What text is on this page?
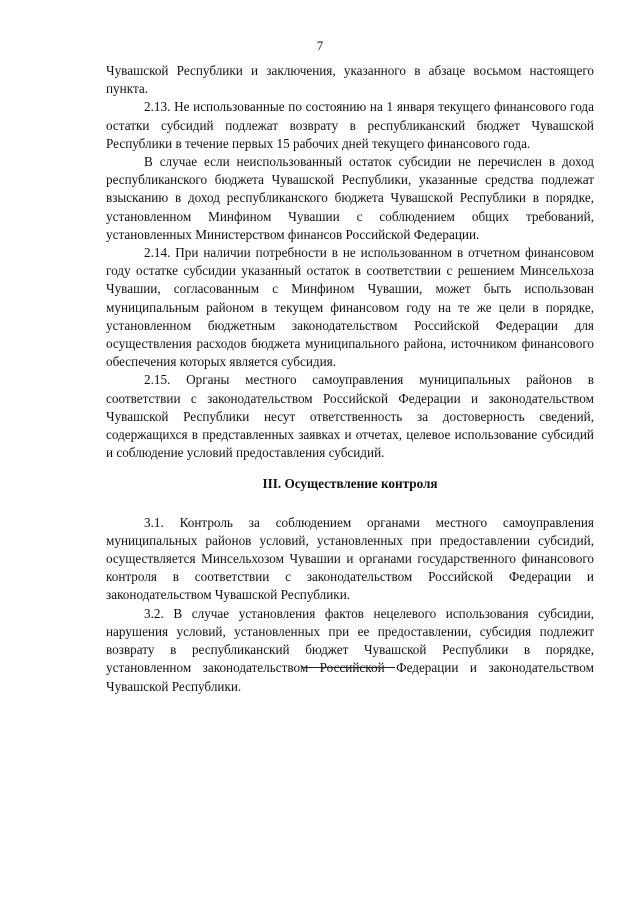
7

Чувашской Республики и заключения, указанного в абзаце восьмом настоящего пункта.

2.13. Не использованные по состоянию на 1 января текущего финансового года остатки субсидий подлежат возврату в республиканский бюджет Чувашской Республики в течение первых 15 рабочих дней текущего финансового года.

В случае если неиспользованный остаток субсидии не перечислен в доход республиканского бюджета Чувашской Республики, указанные средства подлежат взысканию в доход республиканского бюджета Чувашской Республики в порядке, установленном Минфином Чувашии с соблюдением общих требований, установленных Министерством финансов Российской Федерации.

2.14. При наличии потребности в не использованном в отчетном финансовом году остатке субсидии указанный остаток в соответствии с решением Минсельхоза Чувашии, согласованным с Минфином Чувашии, может быть использован муниципальным районом в текущем финансовом году на те же цели в порядке, установленном бюджетным законодательством Российской Федерации для осуществления расходов бюджета муниципального района, источником финансового обеспечения которых является субсидия.

2.15. Органы местного самоуправления муниципальных районов в соответствии с законодательством Российской Федерации и законодательством Чувашской Республики несут ответственность за достоверность сведений, содержащихся в представленных заявках и отчетах, целевое использование субсидий и соблюдение условий предоставления субсидий.

III. Осуществление контроля

3.1. Контроль за соблюдением органами местного самоуправления муниципальных районов условий, установленных при предоставлении субсидий, осуществляется Минсельхозом Чувашии и органами государственного финансового контроля в соответствии с законодательством Российской Федерации и законодательством Чувашской Республики.

3.2. В случае установления фактов нецелевого использования субсидии, нарушения условий, установленных при ее предоставлении, субсидия подлежит возврату в республиканский бюджет Чувашской Республики в порядке, установленном законодательством Российской Федерации и законодательством Чувашской Республики.
